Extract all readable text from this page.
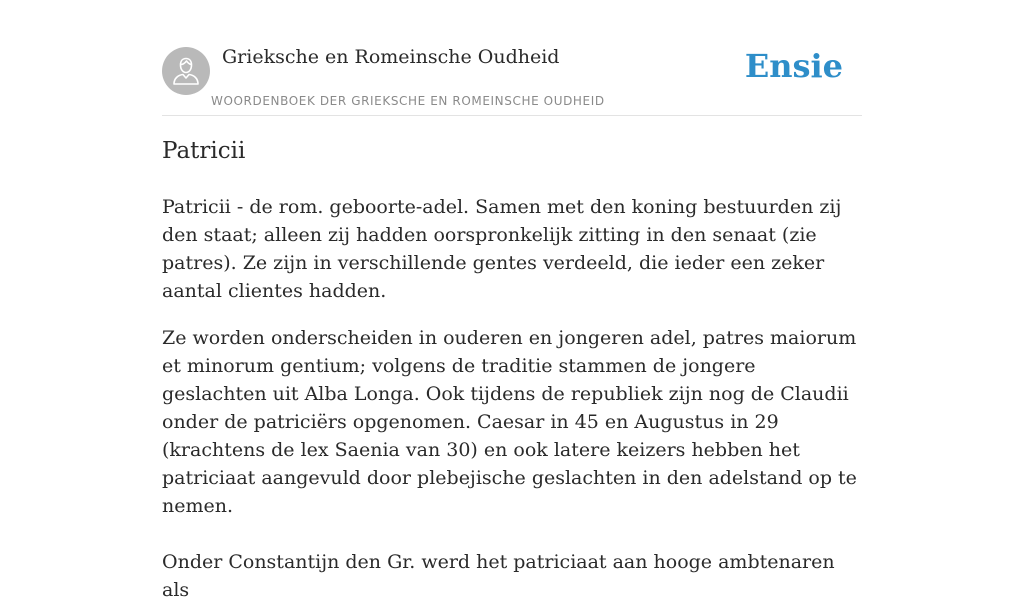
Grieksche en Romeinsche Oudheid
WOORDENBOEK DER GRIEKSCHE EN ROMEINSCHE OUDHEID
Ensie
Patricii

Patricii - de rom. geboorte-adel. Samen met den koning bestuurden zij den staat; alleen zij hadden oorspronkelijk zitting in den senaat (zie patres). Ze zijn in verschillende gentes verdeeld, die ieder een zeker aantal clientes hadden.

Ze worden onderscheiden in ouderen en jongeren adel, patres maiorum et minorum gentium; volgens de traditie stammen de jongere geslachten uit Alba Longa. Ook tijdens de republiek zijn nog de Claudii onder de patriciërs opgenomen. Caesar in 45 en Augustus in 29 (krachtens de lex Saenia van 30) en ook latere keizers hebben het patriciaat aangevuld door plebejische geslachten in den adelstand op te nemen.

Onder Constantijn den Gr. werd het patriciaat aan hooge ambtenaren als
